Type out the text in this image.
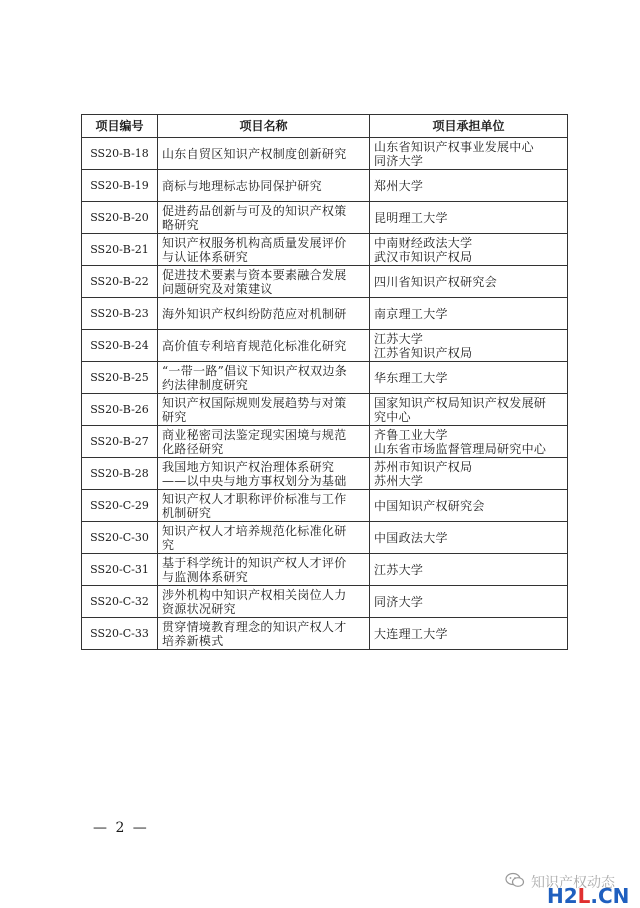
项目编号	项目名称	项目承担单位
SS20-B-18	山东自贸区知识产权制度创新研究	山东省知识产权事业发展中心
同济大学

SS20-B-19	商标与地理标志协同保护研究	郑州大学

SS20-B-20	促进药品创新与可及的知识产权策
略研究	昆明理工大学

SS20-B-21	知识产权服务机构高质量发展评价
与认证体系研究	中南财经政法大学
武汉市知识产权局

SS20-B-22	促进技术要素与资本要素融合发展
问题研究及对策建议	四川省知识产权研究会

SS20-B-23	海外知识产权纠纷防范应对机制研	南京理工大学

SS20-B-24	高价值专利培育规范化标准化研究	江苏大学
江苏省知识产权局

SS20-B-25	“一带一路”倡议下知识产权双边条
约法律制度研究	华东理工大学

SS20-B-26	知识产权国际规则发展趋势与对策
研究	国家知识产权局知识产权发展研
究中心

SS20-B-27	商业秘密司法鉴定现实困境与规范
化路径研究	齐鲁工业大学
山东省市场监督管理局研究中心

SS20-B-28	我国地方知识产权治理体系研究
——以中央与地方事权划分为基础	苏州市知识产权局
苏州大学

SS20-C-29	知识产权人才职称评价标准与工作
机制研究	中国知识产权研究会

SS20-C-30	知识产权人才培养规范化标准化研
究	中国政法大学

SS20-C-31	基于科学统计的知识产权人才评价
与监测体系研究	江苏大学

SS20-C-32	涉外机构中知识产权相关岗位人力
资源状况研究	同济大学

SS20-C-33	贯穿情境教育理念的知识产权人才
培养新模式	大连理工大学
— 2 —
知识产权动态
H2L.CN
